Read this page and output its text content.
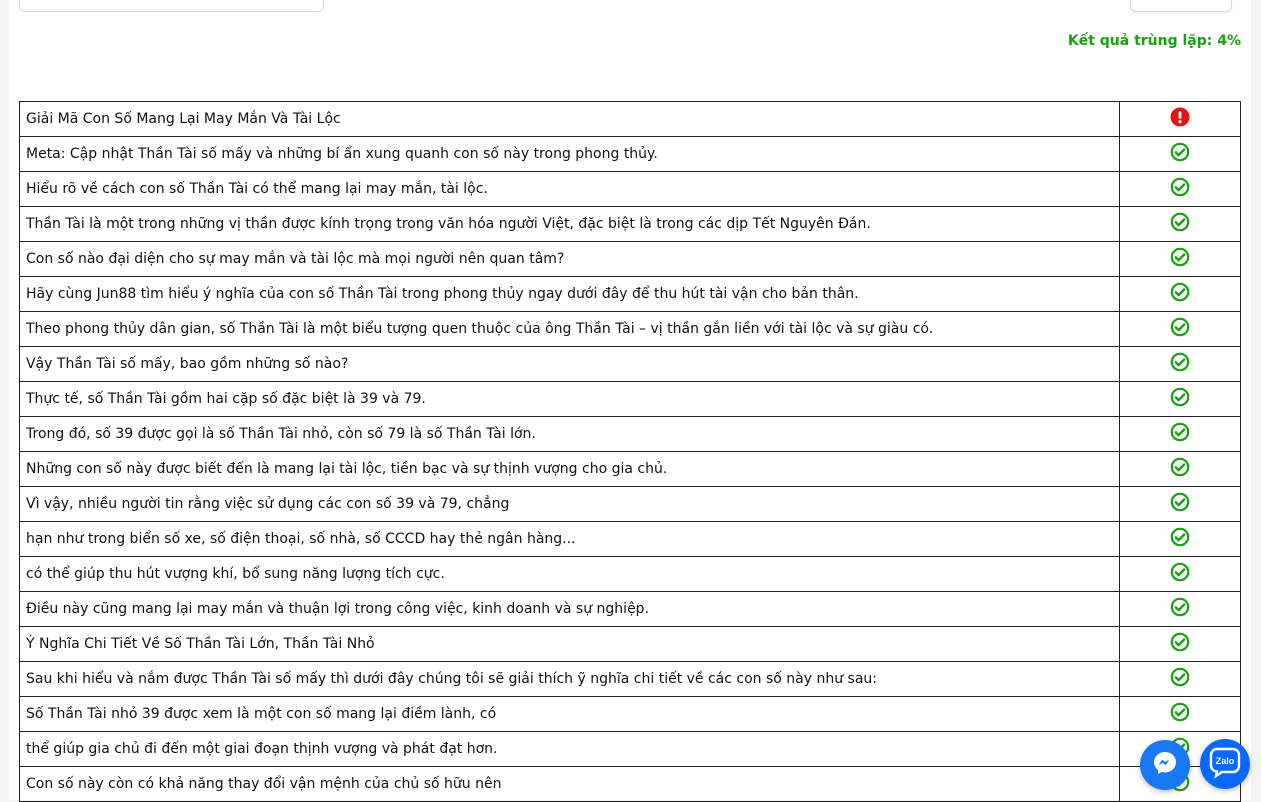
Kết quả trùng lặp: 4%
Giải Mã Con Số Mang Lại May Mắn Và Tài Lộc	

Meta: Cập nhật Thần Tài số mấy và những bí ẩn xung quanh con số này trong phong thủy.	

Hiểu rõ về cách con số Thần Tài có thể mang lại may mắn, tài lộc.	

Thần Tài là một trong những vị thần được kính trọng trong văn hóa người Việt, đặc biệt là trong các dịp Tết Nguyên Đán.	

Con số nào đại diện cho sự may mắn và tài lộc mà mọi người nên quan tâm?	

Hãy cùng Jun88 tìm hiểu ý nghĩa của con số Thần Tài trong phong thủy ngay dưới đây để thu hút tài vận cho bản thân.	

Theo phong thủy dân gian, số Thần Tài là một biểu tượng quen thuộc của ông Thần Tài – vị thần gắn liền với tài lộc và sự giàu có.	

Vậy Thần Tài số mấy, bao gồm những số nào?	

Thực tế, số Thần Tài gồm hai cặp số đặc biệt là 39 và 79.	

Trong đó, số 39 được gọi là số Thần Tài nhỏ, còn số 79 là số Thần Tài lớn.	

Những con số này được biết đến là mang lại tài lộc, tiền bạc và sự thịnh vượng cho gia chủ.	

Vì vậy, nhiều người tin rằng việc sử dụng các con số 39 và 79, chẳng	

hạn như trong biển số xe, số điện thoại, số nhà, số CCCD hay thẻ ngân hàng...	

có thể giúp thu hút vượng khí, bổ sung năng lượng tích cực.	

Điều này cũng mang lại may mắn và thuận lợi trong công việc, kinh doanh và sự nghiệp.	

Ý Nghĩa Chi Tiết Về Số Thần Tài Lớn, Thần Tài Nhỏ	

Sau khi hiểu và nắm được Thần Tài số mấy thì dưới đây chúng tôi sẽ giải thích ỹ nghĩa chi tiết về các con số này như sau:	

Số Thần Tài nhỏ 39 được xem là một con số mang lại điềm lành, có	

thể giúp gia chủ đi đến một giai đoạn thịnh vượng và phát đạt hơn.	

Con số này còn có khả năng thay đổi vận mệnh của chủ số hữu nên	
Zalo
